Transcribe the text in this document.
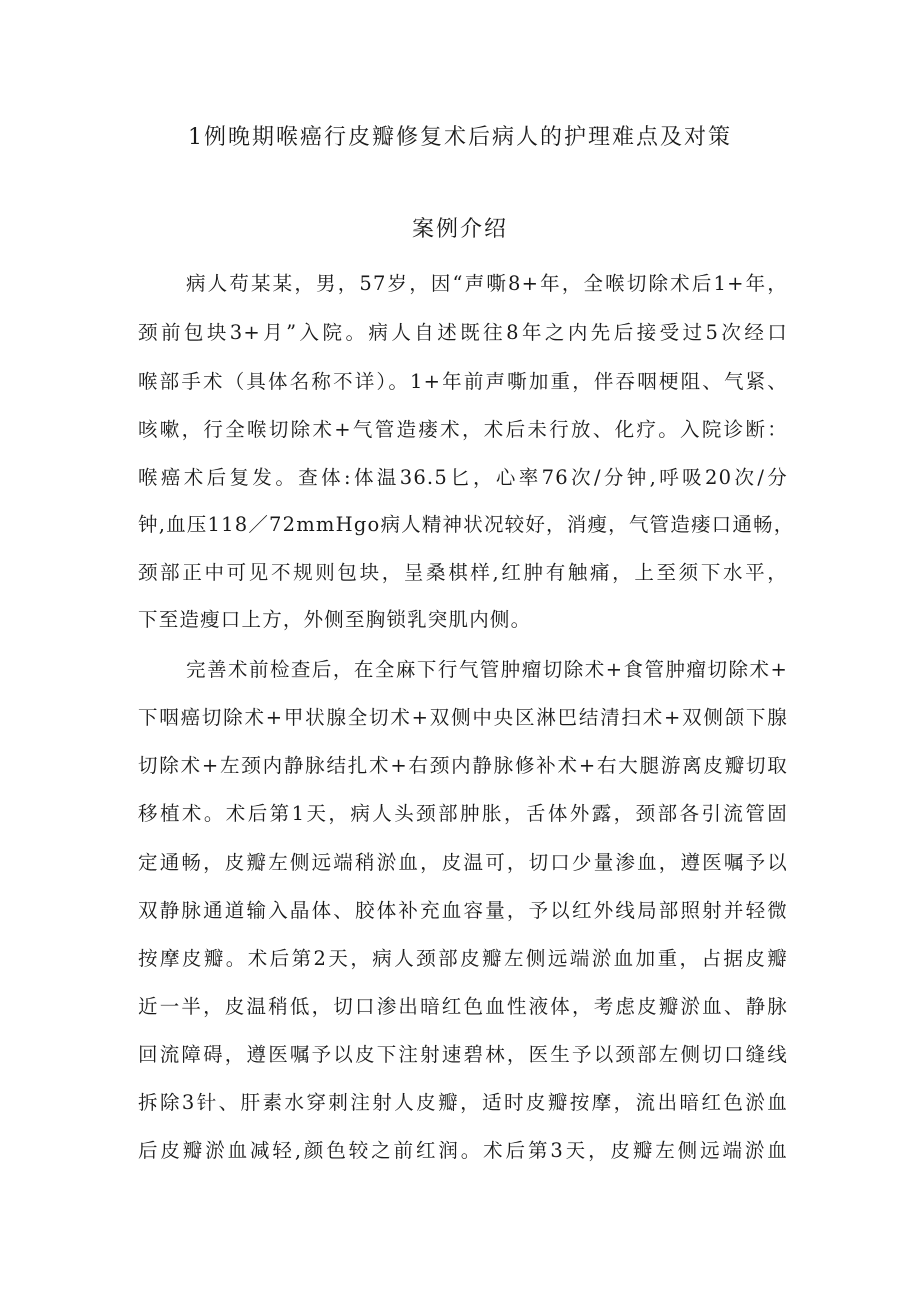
1例晚期喉癌行皮瓣修复术后病人的护理难点及对策
案例介绍
病人苟某某，男，57岁，因“声嘶8+年，全喉切除术后1+年，
颈前包块3+月”入院。病人自述既往8年之内先后接受过5次经口
喉部手术（具体名称不详）。1+年前声嘶加重，伴吞咽梗阻、气紧、
咳嗽，行全喉切除术+气管造瘘术，术后未行放、化疗。入院诊断：
喉癌术后复发。查体:体温36.5匕，心率76次/分钟,呼吸20次/分
钟,血压118／72mmHgo病人精神状况较好，消瘦，气管造瘘口通畅，
颈部正中可见不规则包块，呈桑棋样,红肿有触痛，上至须下水平，
下至造瘦口上方，外侧至胸锁乳突肌内侧。
完善术前检查后，在全麻下行气管肿瘤切除术+食管肿瘤切除术+
下咽癌切除术+甲状腺全切术+双侧中央区淋巴结清扫术+双侧颌下腺
切除术+左颈内静脉结扎术+右颈内静脉修补术+右大腿游离皮瓣切取
移植术。术后第1天，病人头颈部肿胀，舌体外露，颈部各引流管固
定通畅，皮瓣左侧远端稍淤血，皮温可，切口少量渗血，遵医嘱予以
双静脉通道输入晶体、胶体补充血容量，予以红外线局部照射并轻微
按摩皮瓣。术后第2天，病人颈部皮瓣左侧远端淤血加重，占据皮瓣
近一半，皮温稍低，切口渗出暗红色血性液体，考虑皮瓣淤血、静脉
回流障碍，遵医嘱予以皮下注射速碧林，医生予以颈部左侧切口缝线
拆除3针、肝素水穿刺注射人皮瓣，适时皮瓣按摩，流出暗红色淤血
后皮瓣淤血减轻,颜色较之前红润。术后第3天，皮瓣左侧远端淤血
